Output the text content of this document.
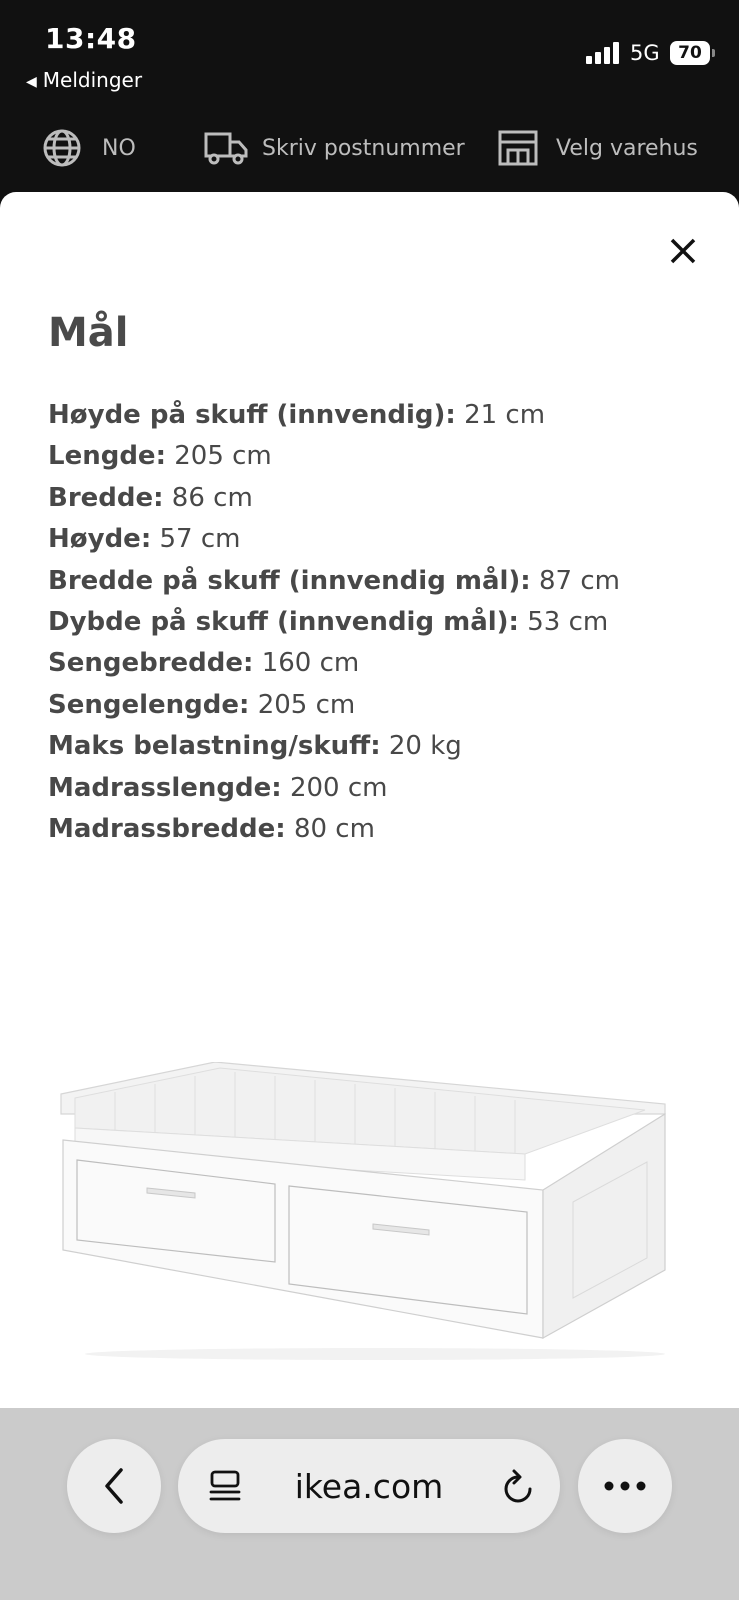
13:48
◀ Meldinger
5G	70
NO	Skriv postnummer	Velg varehus
Mål
Høyde på skuff (innvendig): 21 cm
Lengde: 205 cm
Bredde: 86 cm
Høyde: 57 cm
Bredde på skuff (innvendig mål): 87 cm
Dybde på skuff (innvendig mål): 53 cm
Sengebredde: 160 cm
Sengelengde: 205 cm
Maks belastning/skuff: 20 kg
Madrasslengde: 200 cm
Madrassbredde: 80 cm
ikea.com
